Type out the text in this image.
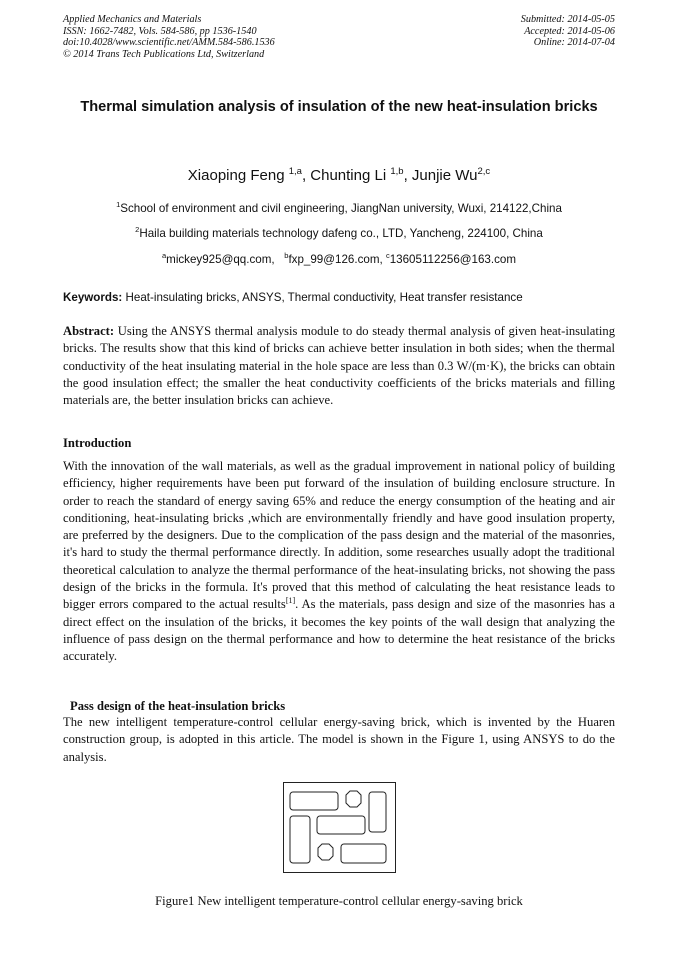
Applied Mechanics and Materials
ISSN: 1662-7482, Vols. 584-586, pp 1536-1540
doi:10.4028/www.scientific.net/AMM.584-586.1536
© 2014 Trans Tech Publications Ltd, Switzerland
Submitted: 2014-05-05
Accepted: 2014-05-06
Online: 2014-07-04
Thermal simulation analysis of insulation of the new heat-insulation bricks
Xiaoping Feng $^{1,a}$, Chunting Li $^{1,b}$, Junjie Wu$^{2,c}$
$^1$School of environment and civil engineering, JiangNan university, Wuxi, 214122,China
$^2$Haila building materials technology dafeng co., LTD, Yancheng, 224100, China
$^a$mickey925@qq.com, $^b$fxp_99@126.com, $^c$13605112256@163.com
Keywords: Heat-insulating bricks, ANSYS, Thermal conductivity, Heat transfer resistance
Abstract: Using the ANSYS thermal analysis module to do steady thermal analysis of given heat-insulating bricks. The results show that this kind of bricks can achieve better insulation in both sides; when the thermal conductivity of the heat insulating material in the hole space are less than 0.3 W/(m·K), the bricks can obtain the good insulation effect; the smaller the heat conductivity coefficients of the bricks materials and filling materials are, the better insulation bricks can achieve.
Introduction
With the innovation of the wall materials, as well as the gradual improvement in national policy of building efficiency, higher requirements have been put forward of the insulation of building enclosure structure. In order to reach the standard of energy saving 65% and reduce the energy consumption of the heating and air conditioning, heat-insulating bricks ,which are environmentally friendly and have good insulation property, are preferred by the designers. Due to the complication of the pass design and the material of the masonries, it's hard to study the thermal performance directly. In addition, some researches usually adopt the traditional theoretical calculation to analyze the thermal performance of the heat-insulating bricks, not showing the pass design of the bricks in the formula. It's proved that this method of calculating the heat resistance leads to bigger errors compared to the actual results[1]. As the materials, pass design and size of the masonries has a direct effect on the insulation of the bricks, it becomes the key points of the wall design that analyzing the influence of pass design on the thermal performance and how to determine the heat resistance of the bricks accurately.
Pass design of the heat-insulation bricks
The new intelligent temperature-control cellular energy-saving brick, which is invented by the Huaren construction group, is adopted in this article. The model is shown in the Figure 1, using ANSYS to do the analysis.
Figure1 New intelligent temperature-control cellular energy-saving brick
